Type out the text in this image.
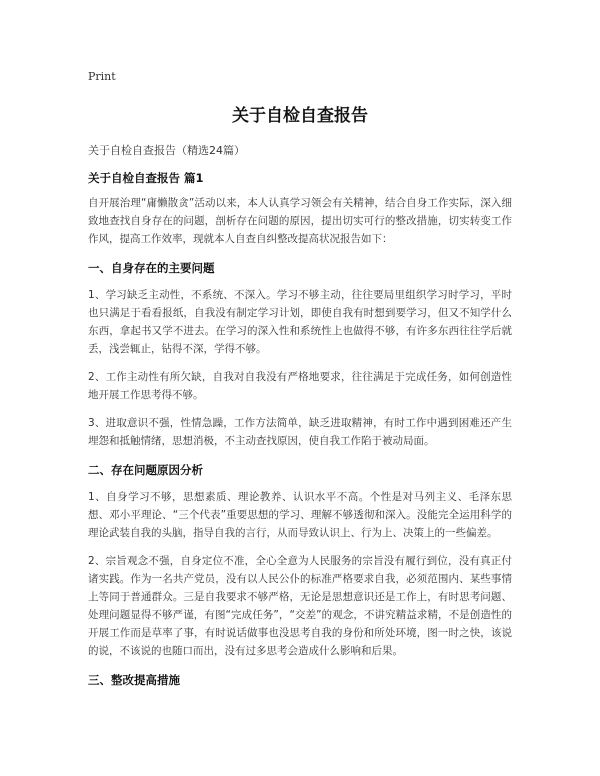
Print
关于自检自查报告
关于自检自查报告（精选24篇）
关于自检自查报告 篇1

自开展治理“庸懒散贪”活动以来，本人认真学习领会有关精神，结合自身工作实际，深入细致地查找自身存在的问题，剖析存在问题的原因，提出切实可行的整改措施，切实转变工作作风，提高工作效率，现就本人自查自纠整改提高状况报告如下：

一、自身存在的主要问题

1、学习缺乏主动性，不系统、不深入。学习不够主动，往往要局里组织学习时学习，平时也只满足于看看报纸，自我没有制定学习计划，即使自我有时想到要学习，但又不知学什么东西，拿起书又学不进去。在学习的深入性和系统性上也做得不够，有许多东西往往学后就丢，浅尝辄止，钻得不深，学得不够。

2、工作主动性有所欠缺，自我对自我没有严格地要求，往往满足于完成任务，如何创造性地开展工作思考得不够。

3、进取意识不强，性情急躁，工作方法简单，缺乏进取精神，有时工作中遇到困难还产生埋怨和抵触情绪，思想消极，不主动查找原因，使自我工作陷于被动局面。

二、存在问题原因分析

1、自身学习不够，思想素质、理论教养、认识水平不高。个性是对马列主义、毛泽东思想、邓小平理论、“三个代表”重要思想的学习、理解不够透彻和深入。没能完全运用科学的理论武装自我的头脑，指导自我的言行，从而导致认识上、行为上、决策上的一些偏差。

2、宗旨观念不强，自身定位不准，全心全意为人民服务的宗旨没有履行到位，没有真正付诸实践。作为一名共产党员，没有以人民公仆的标准严格要求自我，必须范围内、某些事情上等同于普通群众。三是自我要求不够严格，无论是思想意识还是工作上，有时思考问题、处理问题显得不够严谨，有图“完成任务”，“交差”的观念，不讲究精益求精，不是创造性的开展工作而是草率了事，有时说话做事也没思考自我的身份和所处环境，图一时之快，该说的说，不该说的也随口而出，没有过多思考会造成什么影响和后果。

三、整改提高措施
